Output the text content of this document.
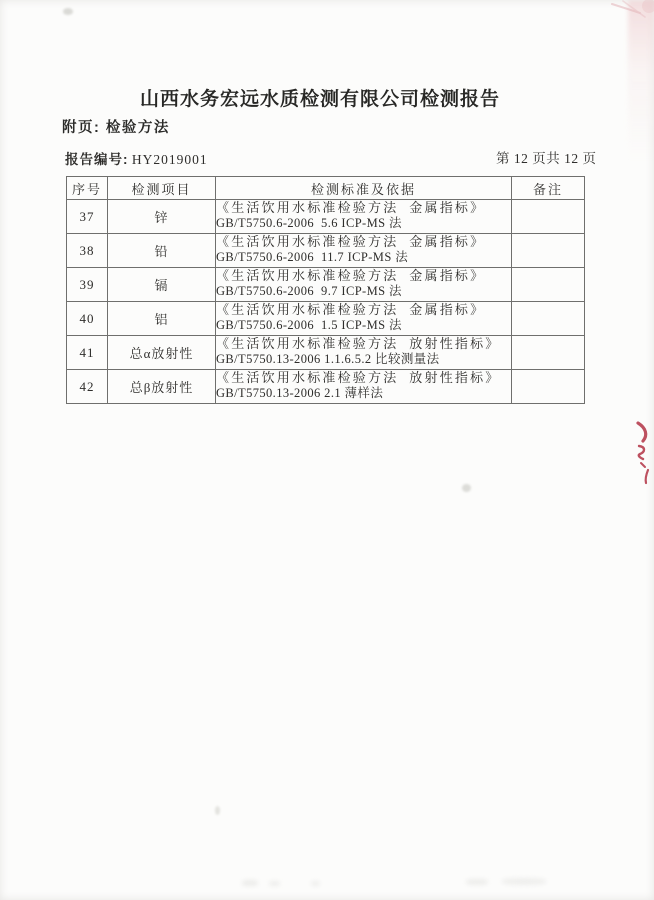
山西水务宏远水质检测有限公司检测报告
附页: 检验方法
报告编号: HY2019001	第 12 页共 12 页
序号	检测项目	检测标准及依据	备注
37	锌	《生活饮用水标准检验方法  金属指标》
GB/T5750.6-2006  5.6 ICP-MS 法	

38	铅	《生活饮用水标准检验方法  金属指标》
GB/T5750.6-2006  11.7 ICP-MS 法	

39	镉	《生活饮用水标准检验方法  金属指标》
GB/T5750.6-2006  9.7 ICP-MS 法	

40	铝	《生活饮用水标准检验方法  金属指标》
GB/T5750.6-2006  1.5 ICP-MS 法	

41	总α放射性	《生活饮用水标准检验方法  放射性指标》
GB/T5750.13-2006 1.1.6.5.2 比较测量法	

42	总β放射性	《生活饮用水标准检验方法  放射性指标》
GB/T5750.13-2006 2.1 薄样法	
